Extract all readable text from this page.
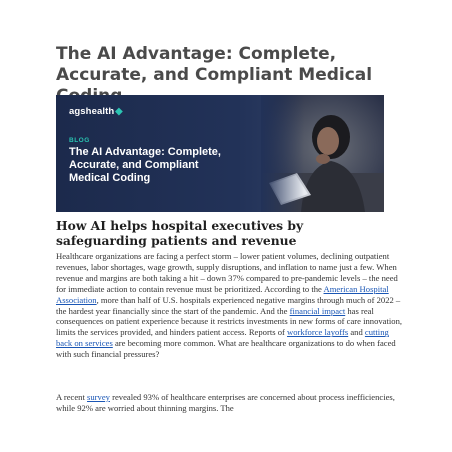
The AI Advantage: Complete, Accurate, and Compliant Medical
agshealth◆
BLOG
The AI Advantage: Complete, Accurate, and Compliant Medical Coding
How AI helps hospital executives by safeguarding patients and revenue

Healthcare organizations are facing a perfect storm – lower patient volumes, declining outpatient revenues, labor shortages, wage growth, supply disruptions, and inflation to name just a few. When revenue and margins are both taking a hit – down 37% compared to pre-pandemic levels – the need for immediate action to contain revenue must be prioritized. According to the American Hospital Association, more than half of U.S. hospitals experienced negative margins through much of 2022 – the hardest year financially since the start of the pandemic. And the financial impact has real consequences on patient experience because it restricts investments in new forms of care innovation, limits the services provided, and hinders patient access. Reports of workforce layoffs and cutting back on services are becoming more common. What are healthcare organizations to do when faced with such financial pressures?

A recent survey revealed 93% of healthcare enterprises are concerned about process inefficiencies, while 92% are worried about thinning margins. The
